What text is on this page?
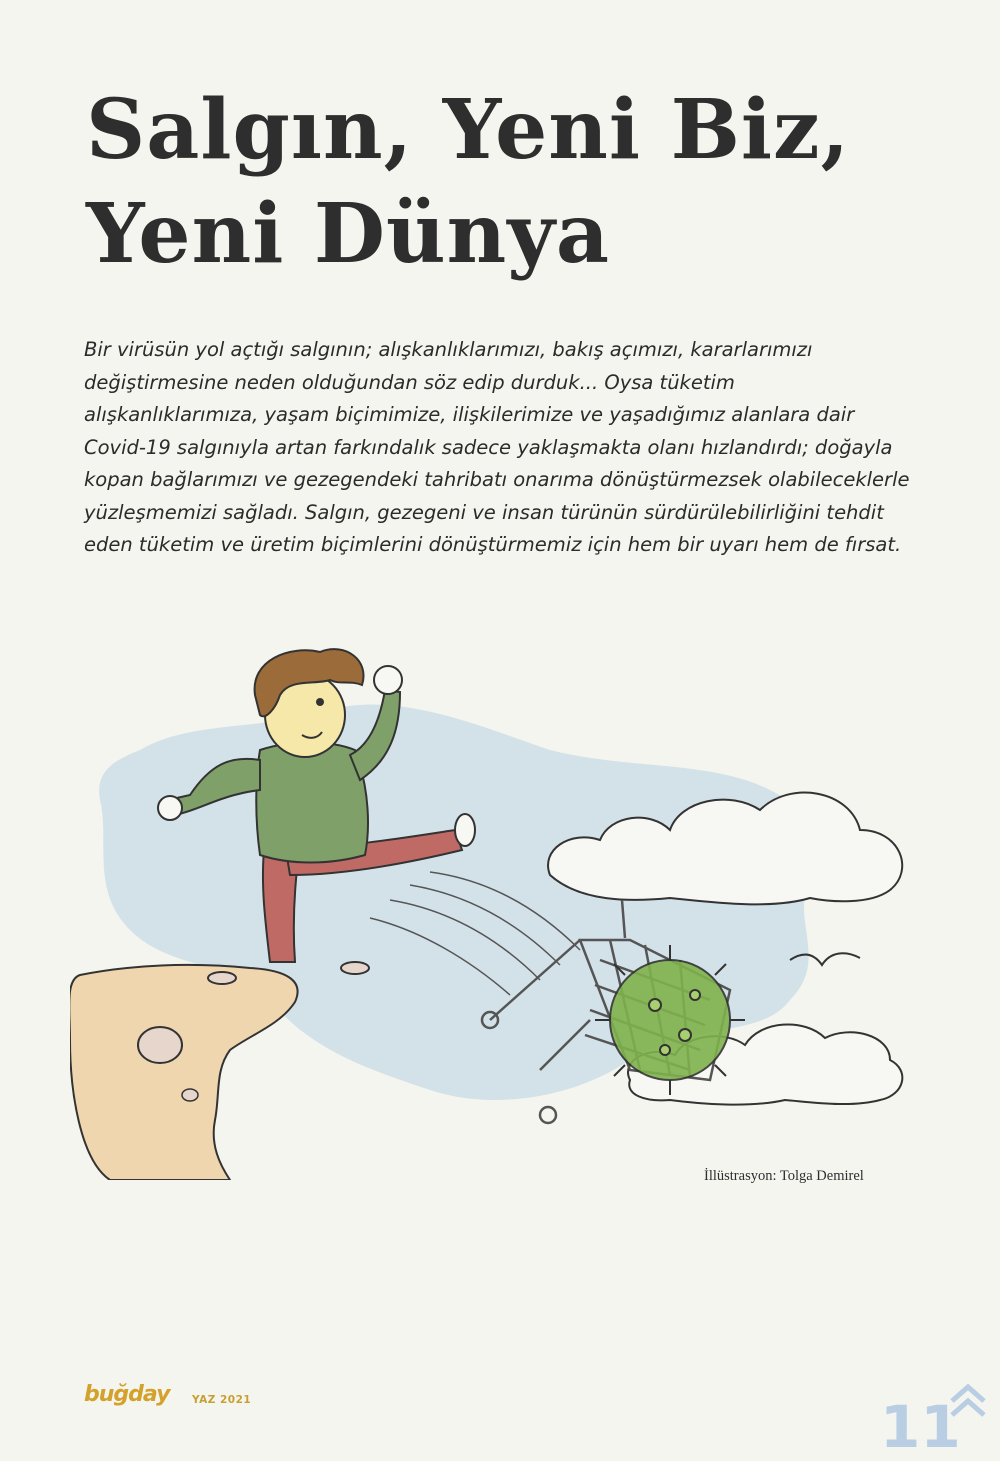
Salgın, Yeni Biz, Yeni Dünya

Bir virüsün yol açtığı salgının; alışkanlıklarımızı, bakış açımızı, kararlarımızı değiştirmesine neden olduğundan söz edip durduk... Oysa tüketim alışkanlıklarımıza, yaşam biçimimize, ilişkilerimize ve yaşadığımız alanlara dair Covid-19 salgınıyla artan farkındalık sadece yaklaşmakta olanı hızlandırdı; doğayla kopan bağlarımızı ve gezegendeki tahribatı onarıma dönüştürmezsek olabileceklerle yüzleşmemizi sağladı. Salgın, gezegeni ve insan türünün sürdürülebilirliğini tehdit eden tüketim ve üretim biçimlerini dönüştürmemiz için hem bir uyarı hem de fırsat.

İllüstrasyon: Tolga Demirel
buğday YAZ 2021	11
